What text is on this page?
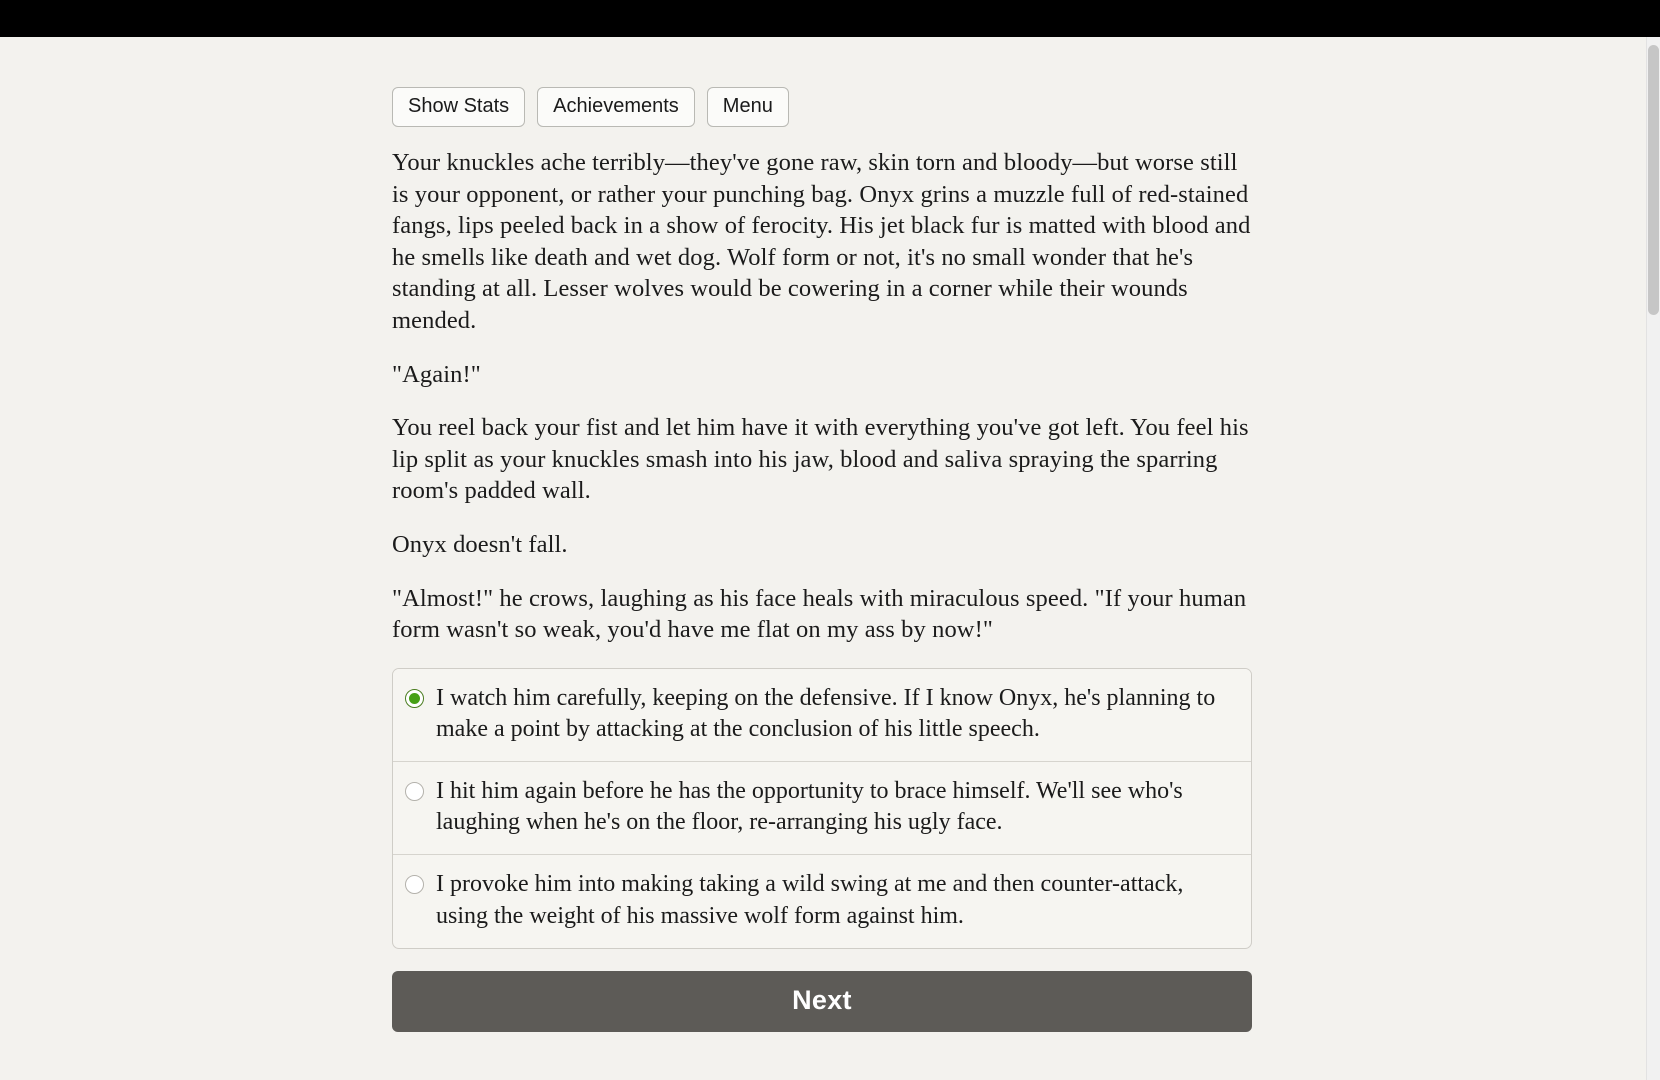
Show Stats	Achievements	Menu

Your knuckles ache terribly—they've gone raw, skin torn and bloody—but worse still is your opponent, or rather your punching bag. Onyx grins a muzzle full of red-stained fangs, lips peeled back in a show of ferocity. His jet black fur is matted with blood and he smells like death and wet dog. Wolf form or not, it's no small wonder that he's standing at all. Lesser wolves would be cowering in a corner while their wounds mended.

"Again!"

You reel back your fist and let him have it with everything you've got left. You feel his lip split as your knuckles smash into his jaw, blood and saliva spraying the sparring room's padded wall.

Onyx doesn't fall.

"Almost!" he crows, laughing as his face heals with miraculous speed. "If your human form wasn't so weak, you'd have me flat on my ass by now!"

I watch him carefully, keeping on the defensive. If I know Onyx, he's planning to make a point by attacking at the conclusion of his little speech.
I hit him again before he has the opportunity to brace himself. We'll see who's laughing when he's on the floor, re-arranging his ugly face.
I provoke him into making taking a wild swing at me and then counter-attack, using the weight of his massive wolf form against him.
Next
